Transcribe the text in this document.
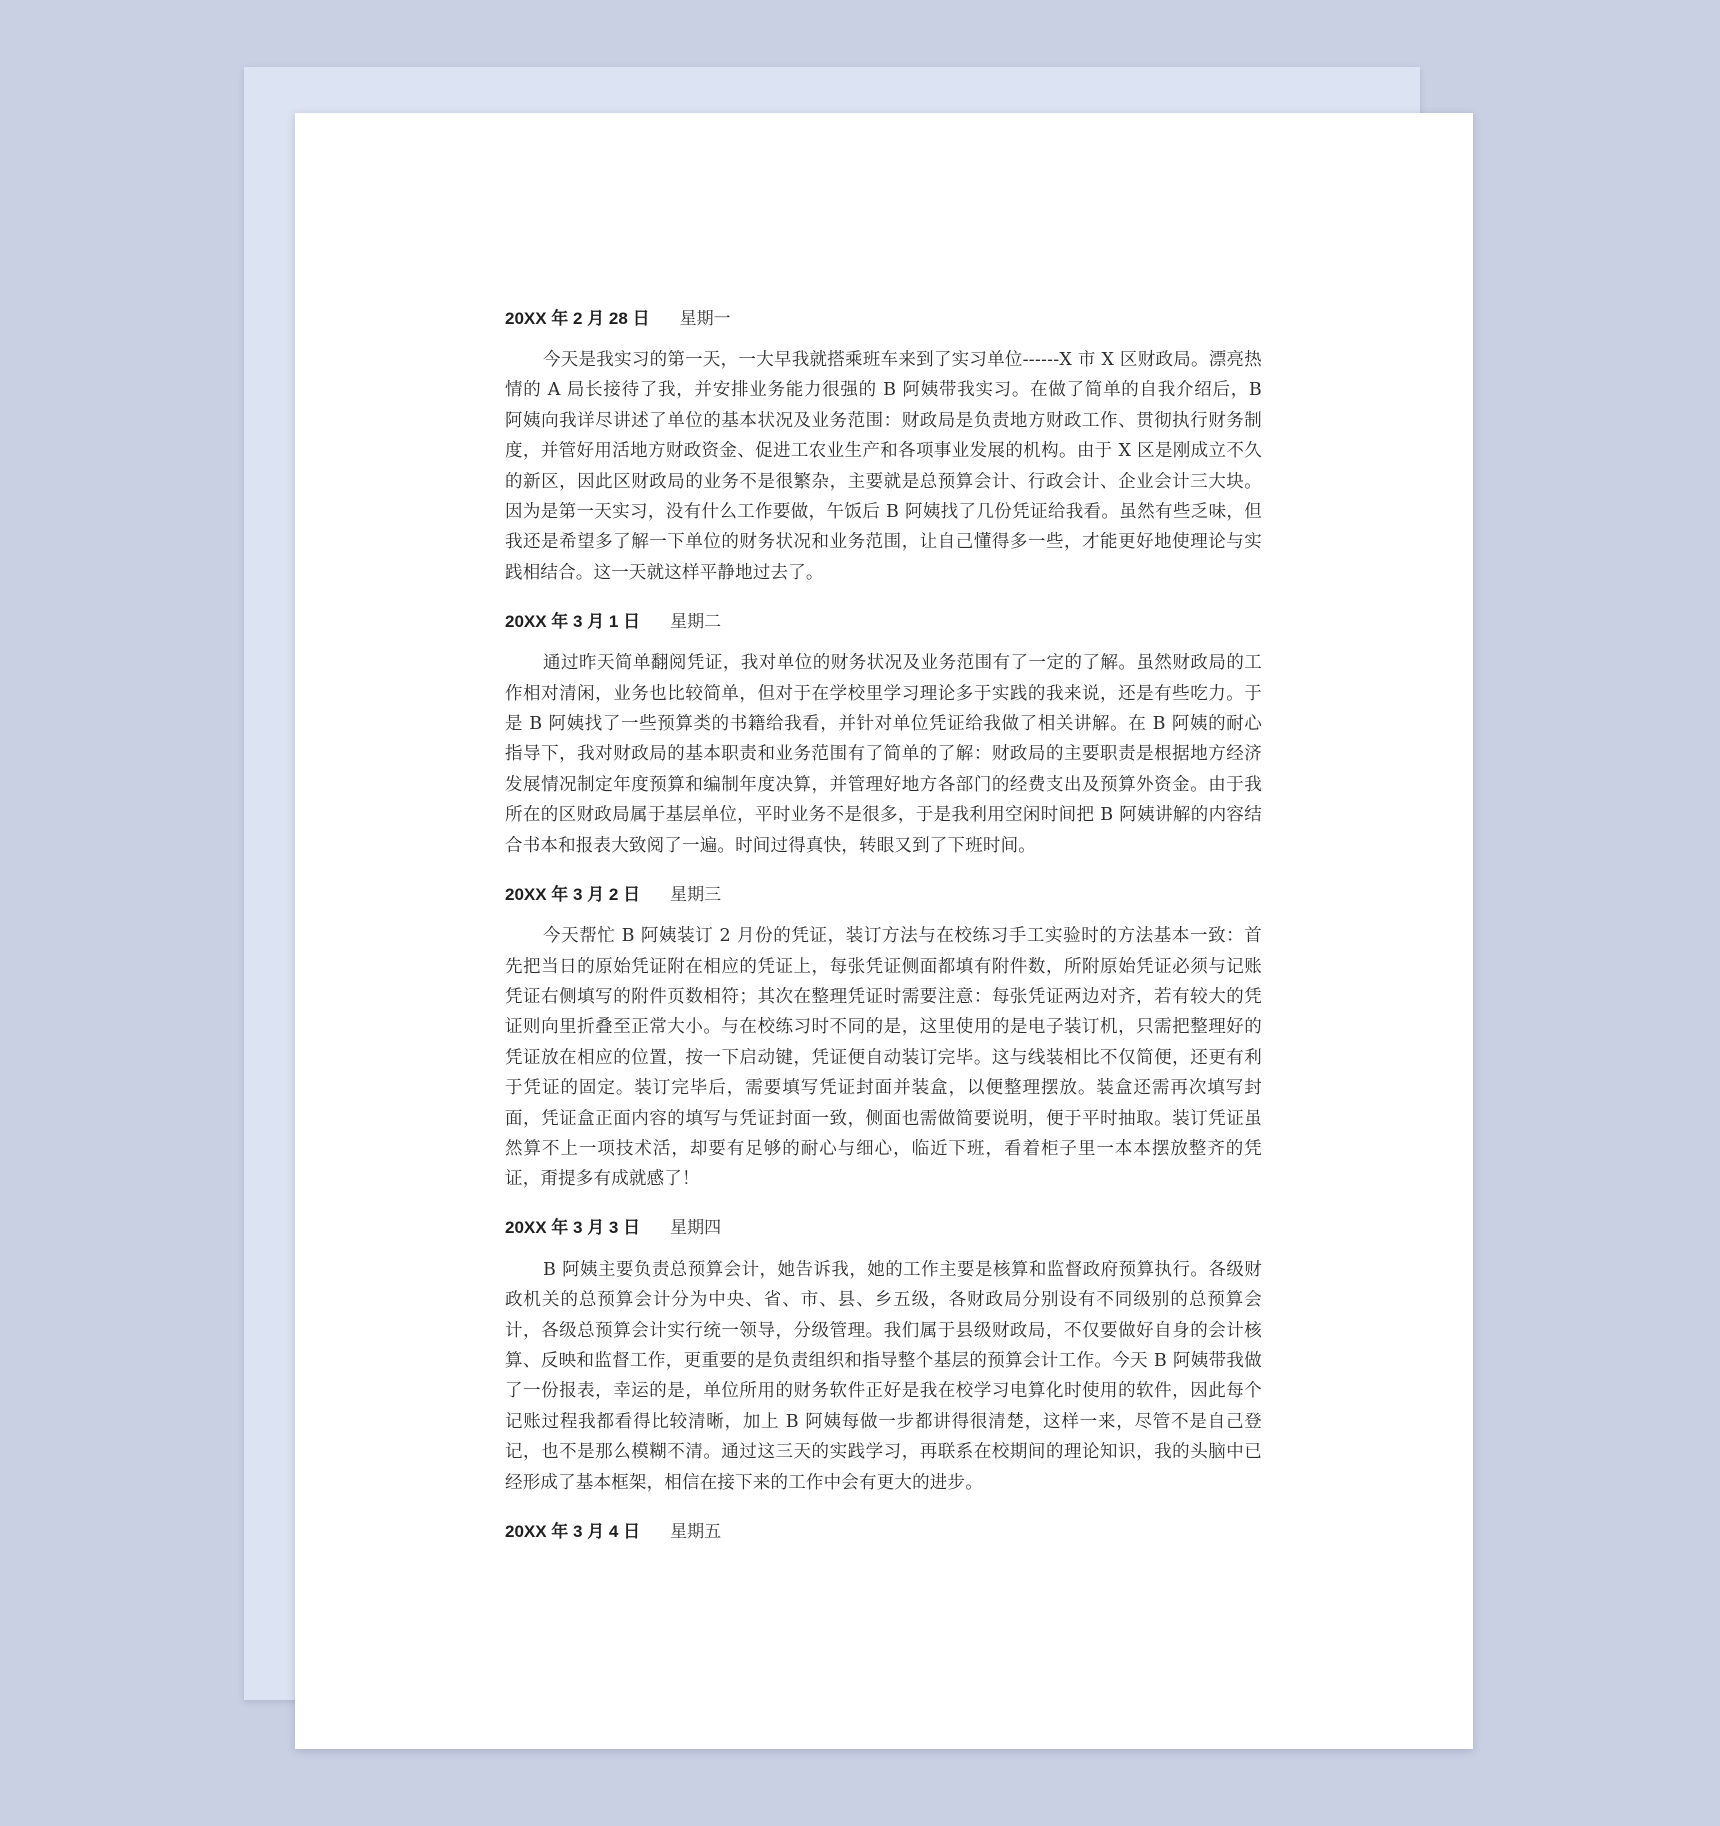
20XX 年 2 月 28 日 星期一

今天是我实习的第一天，一大早我就搭乘班车来到了实习单位------X 市 X 区财政局。漂亮热情的 A 局长接待了我，并安排业务能力很强的 B 阿姨带我实习。在做了简单的自我介绍后，B 阿姨向我详尽讲述了单位的基本状况及业务范围：财政局是负责地方财政工作、贯彻执行财务制度，并管好用活地方财政资金、促进工农业生产和各项事业发展的机构。由于 X 区是刚成立不久的新区，因此区财政局的业务不是很繁杂，主要就是总预算会计、行政会计、企业会计三大块。因为是第一天实习，没有什么工作要做，午饭后 B 阿姨找了几份凭证给我看。虽然有些乏味，但我还是希望多了解一下单位的财务状况和业务范围，让自己懂得多一些，才能更好地使理论与实践相结合。这一天就这样平静地过去了。

20XX 年 3 月 1 日 星期二

通过昨天简单翻阅凭证，我对单位的财务状况及业务范围有了一定的了解。虽然财政局的工作相对清闲，业务也比较简单，但对于在学校里学习理论多于实践的我来说，还是有些吃力。于是 B 阿姨找了一些预算类的书籍给我看，并针对单位凭证给我做了相关讲解。在 B 阿姨的耐心指导下，我对财政局的基本职责和业务范围有了简单的了解：财政局的主要职责是根据地方经济发展情况制定年度预算和编制年度决算，并管理好地方各部门的经费支出及预算外资金。由于我所在的区财政局属于基层单位，平时业务不是很多，于是我利用空闲时间把 B 阿姨讲解的内容结合书本和报表大致阅了一遍。时间过得真快，转眼又到了下班时间。

20XX 年 3 月 2 日 星期三

今天帮忙 B 阿姨装订 2 月份的凭证，装订方法与在校练习手工实验时的方法基本一致：首先把当日的原始凭证附在相应的凭证上，每张凭证侧面都填有附件数，所附原始凭证必须与记账凭证右侧填写的附件页数相符；其次在整理凭证时需要注意：每张凭证两边对齐，若有较大的凭证则向里折叠至正常大小。与在校练习时不同的是，这里使用的是电子装订机，只需把整理好的凭证放在相应的位置，按一下启动键，凭证便自动装订完毕。这与线装相比不仅简便，还更有利于凭证的固定。装订完毕后，需要填写凭证封面并装盒，以便整理摆放。装盒还需再次填写封面，凭证盒正面内容的填写与凭证封面一致，侧面也需做简要说明，便于平时抽取。装订凭证虽然算不上一项技术活，却要有足够的耐心与细心，临近下班，看着柜子里一本本摆放整齐的凭证，甭提多有成就感了！

20XX 年 3 月 3 日 星期四

B 阿姨主要负责总预算会计，她告诉我，她的工作主要是核算和监督政府预算执行。各级财政机关的总预算会计分为中央、省、市、县、乡五级，各财政局分别设有不同级别的总预算会计，各级总预算会计实行统一领导，分级管理。我们属于县级财政局，不仅要做好自身的会计核算、反映和监督工作，更重要的是负责组织和指导整个基层的预算会计工作。今天 B 阿姨带我做了一份报表，幸运的是，单位所用的财务软件正好是我在校学习电算化时使用的软件，因此每个记账过程我都看得比较清晰，加上 B 阿姨每做一步都讲得很清楚，这样一来，尽管不是自己登记，也不是那么模糊不清。通过这三天的实践学习，再联系在校期间的理论知识，我的头脑中已经形成了基本框架，相信在接下来的工作中会有更大的进步。

20XX 年 3 月 4 日 星期五
